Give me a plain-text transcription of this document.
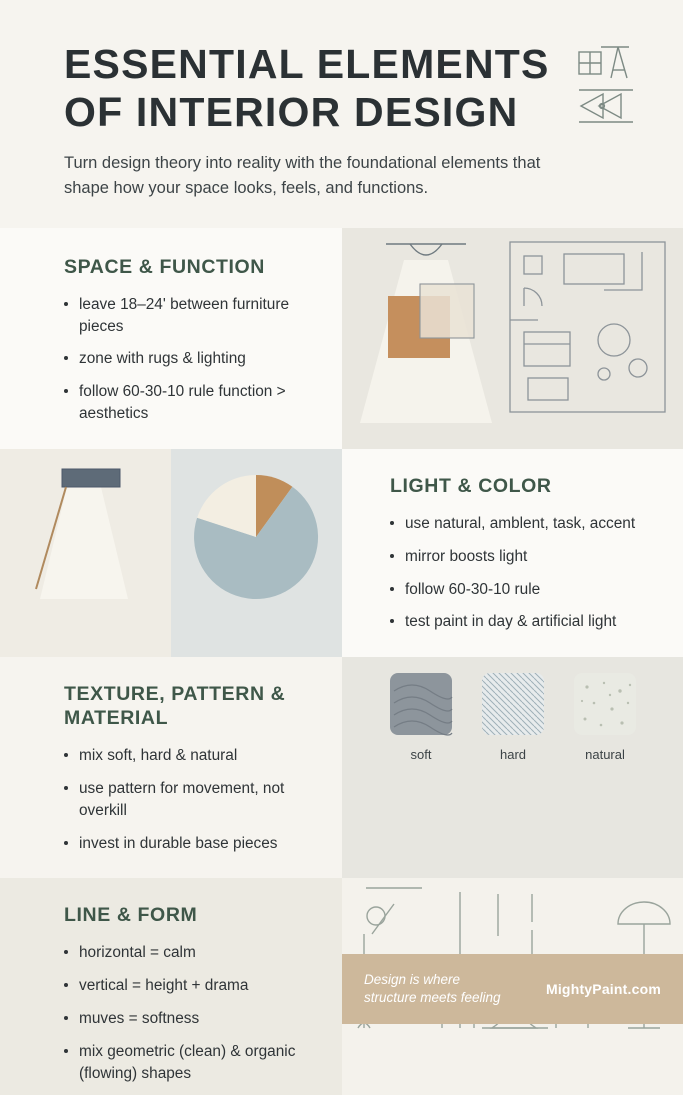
ESSENTIAL ELEMENTS OF INTERIOR DESIGN

Turn design theory into reality with the foundational elements that shape how your space looks, feels, and functions.

SPACE & FUNCTION
leave 18–24' between furniture pieces
zone with rugs & lighting
follow 60-30-10 rule function > aesthetics
LIGHT & COLOR
use natural, amblent, task, accent
mirror boosts light
follow 60-30-10 rule
test paint in day & artificial light
TEXTURE, PATTERN & MATERIAL
mix soft, hard & natural
use pattern for movement, not overkill
invest in durable base pieces
soft	hard	natural
LINE & FORM
horizontal = calm
vertical = height + drama
muves = softness
mix geometric (clean) & organic (flowing) shapes
Design is where structure meets feeling
MightyPaint.com
